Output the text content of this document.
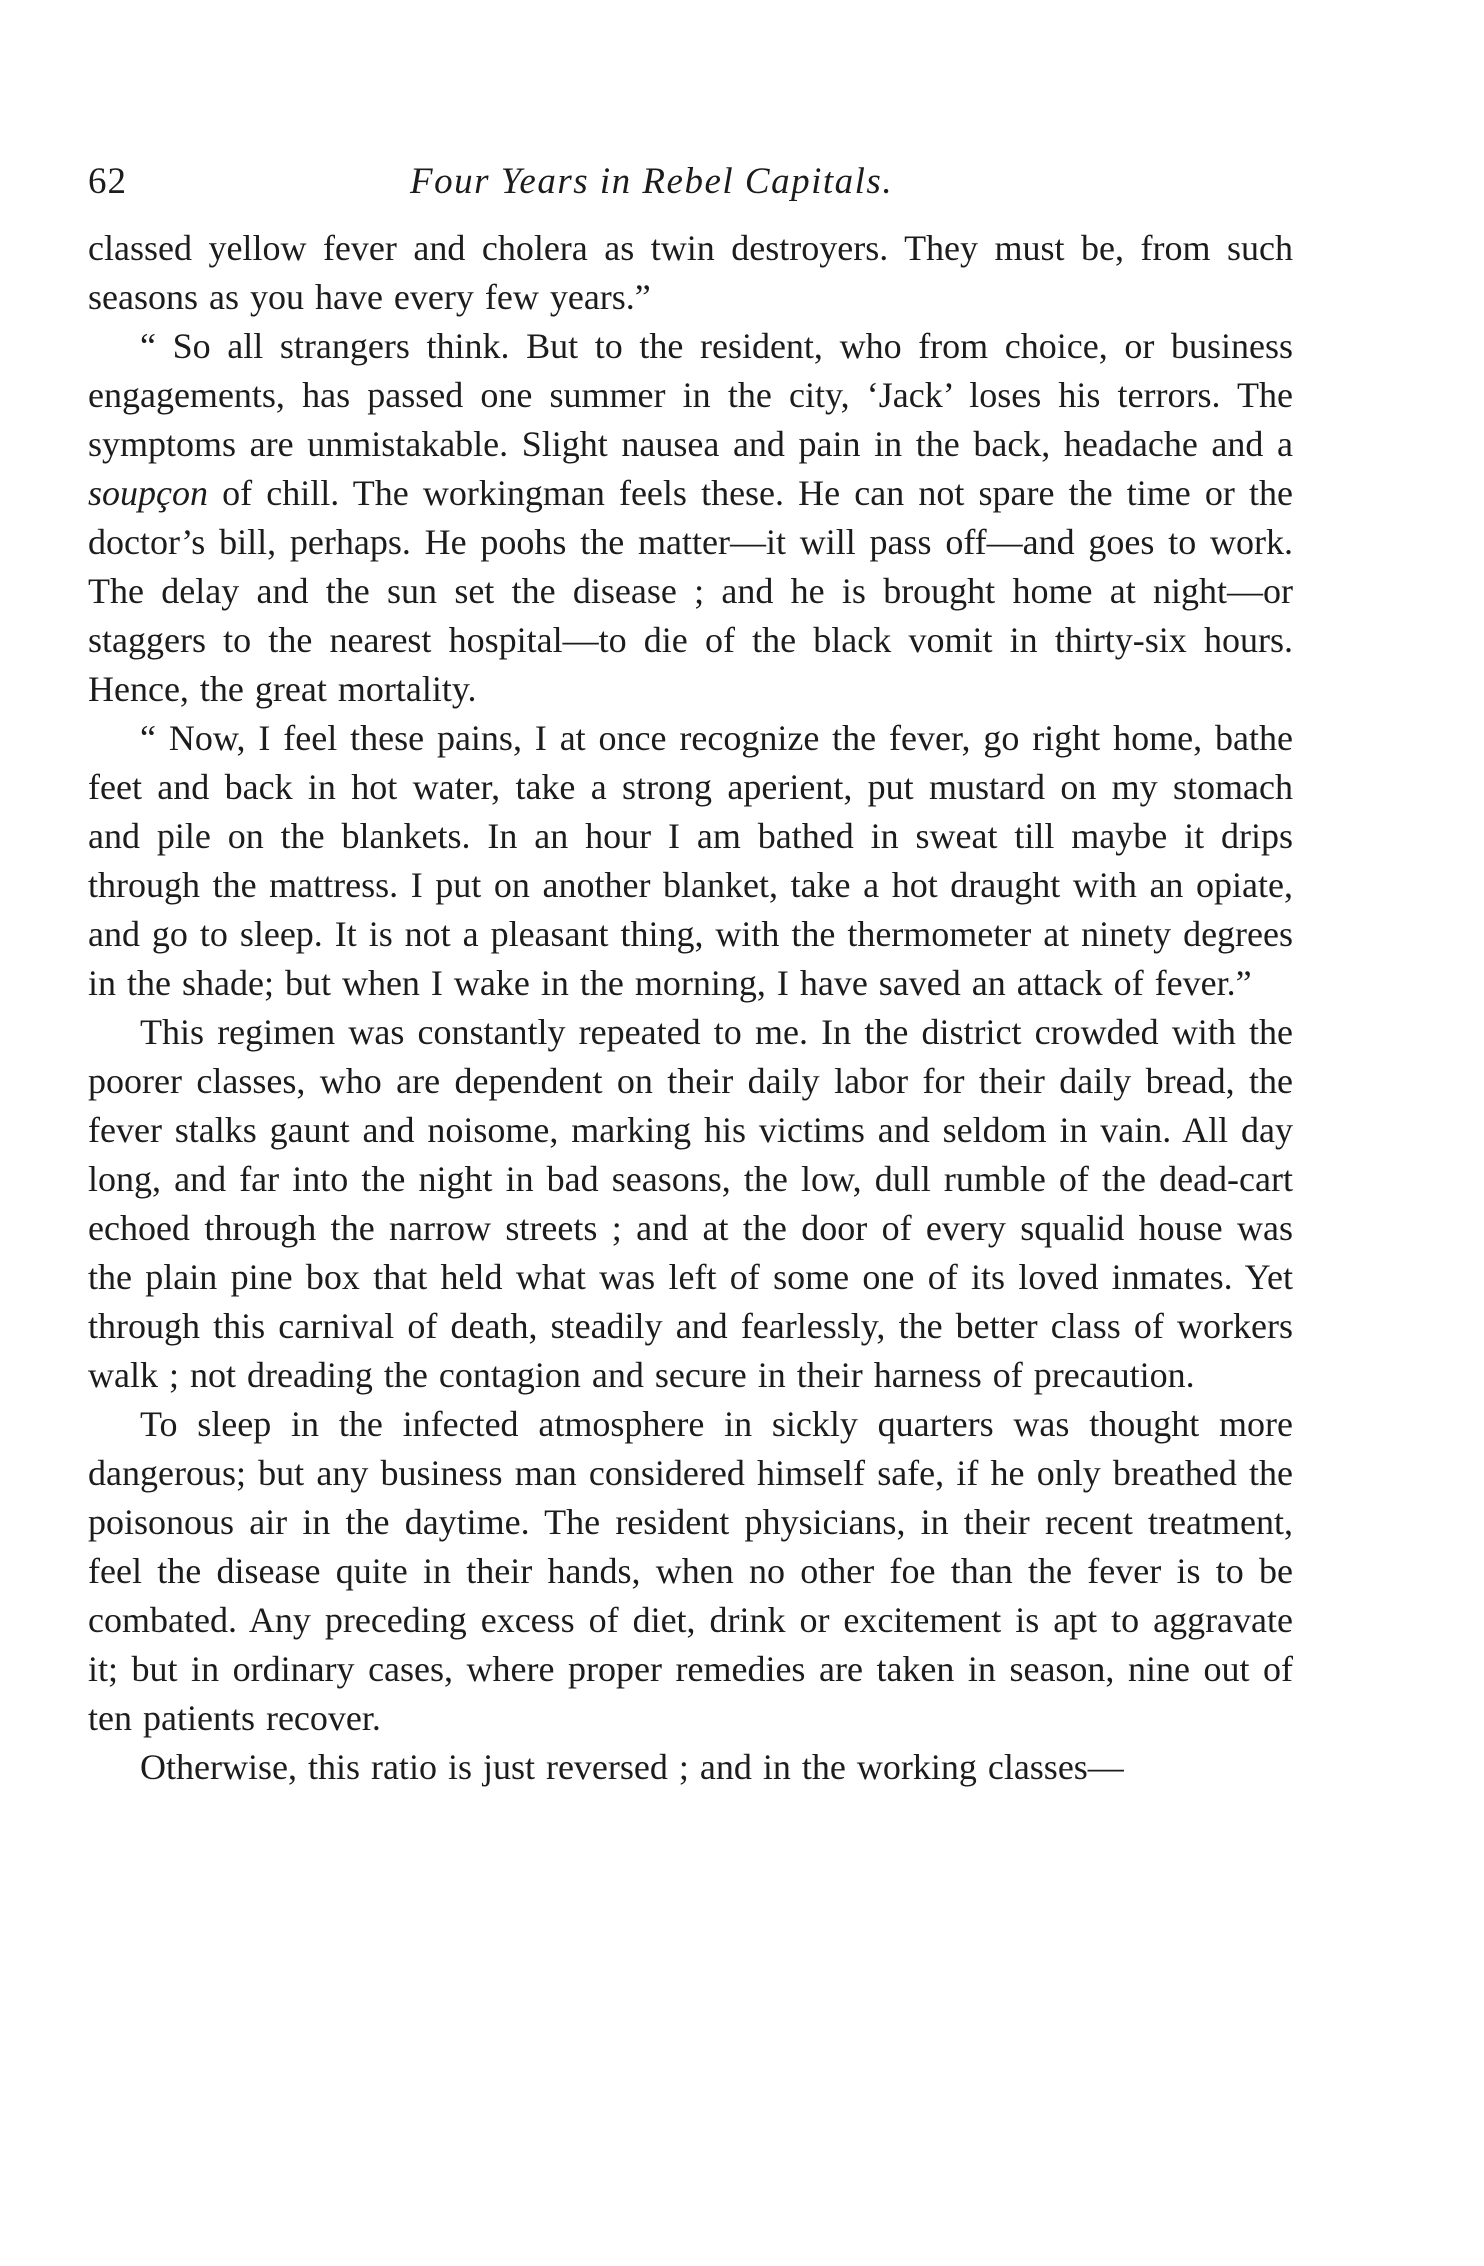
62	Four Years in Rebel Capitals.

classed yellow fever and cholera as twin destroyers. They must be, from such seasons as you have every few years.”

“ So all strangers think. But to the resident, who from choice, or business engagements, has passed one summer in the city, ‘Jack’ loses his terrors. The symptoms are unmistakable. Slight nausea and pain in the back, headache and a soupçon of chill. The workingman feels these. He can not spare the time or the doctor’s bill, perhaps. He poohs the matter—it will pass off—and goes to work. The delay and the sun set the disease ; and he is brought home at night—or staggers to the nearest hospital—to die of the black vomit in thirty-six hours. Hence, the great mortality.

“ Now, I feel these pains, I at once recognize the fever, go right home, bathe feet and back in hot water, take a strong aperient, put mustard on my stomach and pile on the blankets. In an hour I am bathed in sweat till maybe it drips through the mattress. I put on another blanket, take a hot draught with an opiate, and go to sleep. It is not a pleasant thing, with the thermometer at ninety degrees in the shade; but when I wake in the morning, I have saved an attack of fever.”

This regimen was constantly repeated to me. In the district crowded with the poorer classes, who are dependent on their daily labor for their daily bread, the fever stalks gaunt and noisome, marking his victims and seldom in vain. All day long, and far into the night in bad seasons, the low, dull rumble of the dead-cart echoed through the narrow streets ; and at the door of every squalid house was the plain pine box that held what was left of some one of its loved inmates. Yet through this carnival of death, steadily and fearlessly, the better class of workers walk ; not dreading the contagion and secure in their harness of precaution.

To sleep in the infected atmosphere in sickly quarters was thought more dangerous; but any business man considered himself safe, if he only breathed the poisonous air in the daytime. The resident physicians, in their recent treatment, feel the disease quite in their hands, when no other foe than the fever is to be combated. Any preceding excess of diet, drink or excitement is apt to aggravate it; but in ordinary cases, where proper remedies are taken in season, nine out of ten patients recover.

Otherwise, this ratio is just reversed ; and in the working classes—
